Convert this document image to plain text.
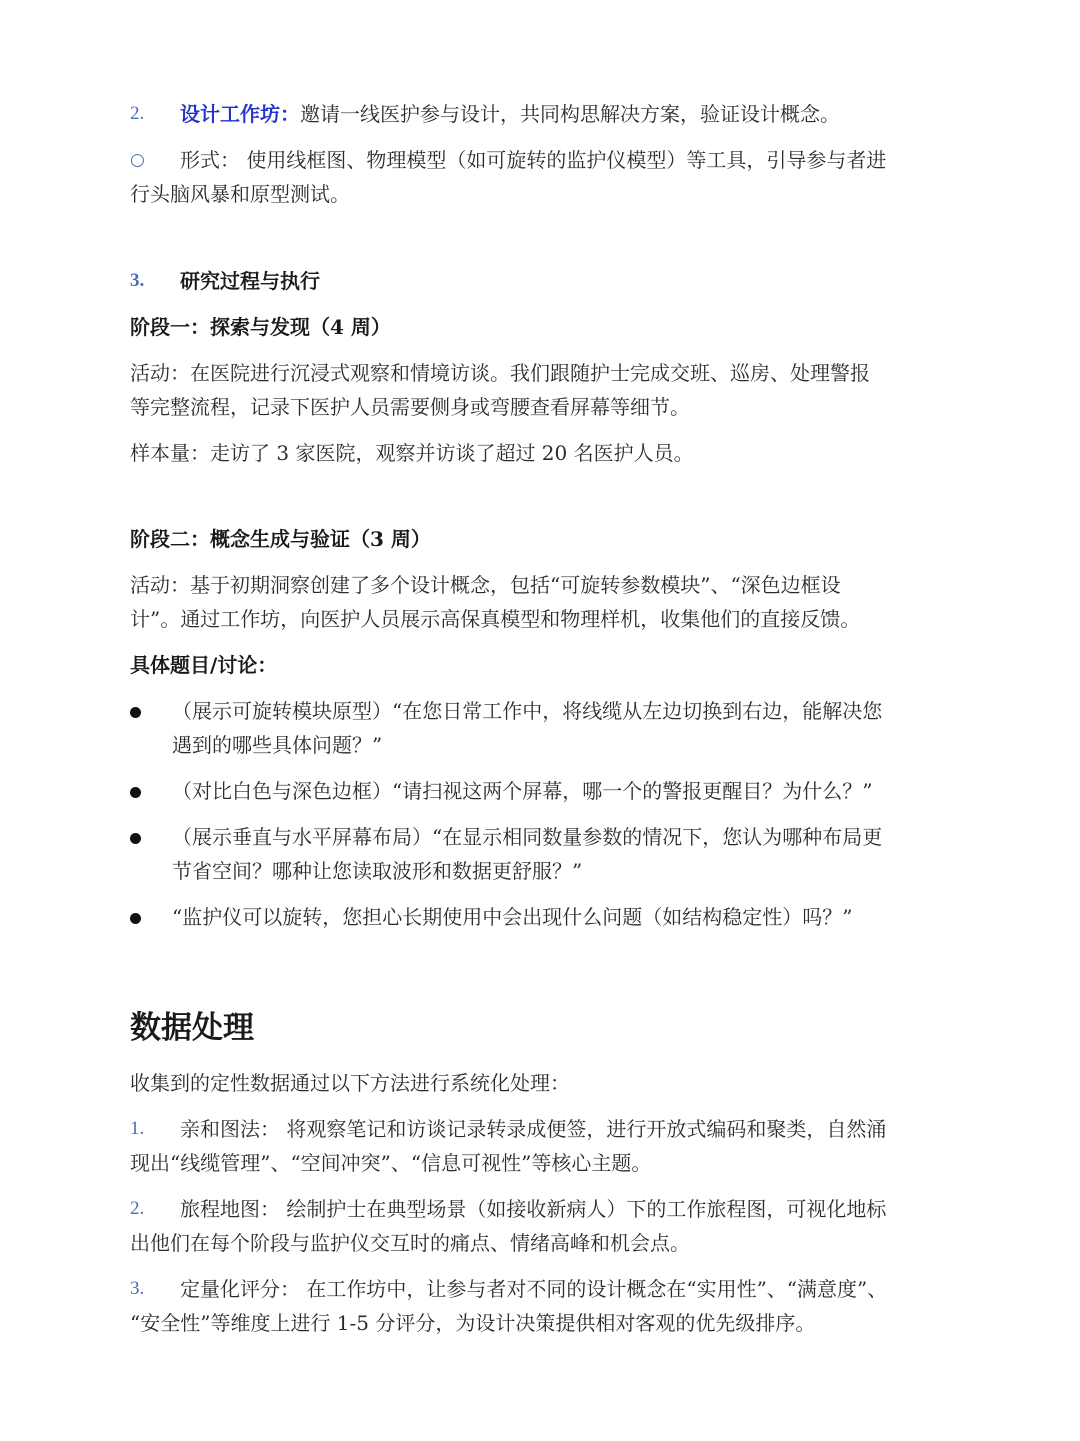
2. 设计工作坊：邀请一线医护参与设计，共同构思解决方案，验证设计概念。
○ 形式： 使用线框图、物理模型（如可旋转的监护仪模型）等工具，引导参与者进
行头脑风暴和原型测试。
3. 研究过程与执行
阶段一：探索与发现（4 周）
活动：在医院进行沉浸式观察和情境访谈。我们跟随护士完成交班、巡房、处理警报
等完整流程，记录下医护人员需要侧身或弯腰查看屏幕等细节。
样本量：走访了 3 家医院，观察并访谈了超过 20 名医护人员。
阶段二：概念生成与验证（3 周）
活动：基于初期洞察创建了多个设计概念，包括“可旋转参数模块”、“深色边框设
计”。通过工作坊，向医护人员展示高保真模型和物理样机，收集他们的直接反馈。
具体题目/讨论：
（展示可旋转模块原型）“在您日常工作中，将线缆从左边切换到右边，能解决您
遇到的哪些具体问题？”
（对比白色与深色边框）“请扫视这两个屏幕，哪一个的警报更醒目？为什么？”
（展示垂直与水平屏幕布局）“在显示相同数量参数的情况下，您认为哪种布局更
节省空间？哪种让您读取波形和数据更舒服？”
“监护仪可以旋转，您担心长期使用中会出现什么问题（如结构稳定性）吗？”
数据处理
收集到的定性数据通过以下方法进行系统化处理：
1. 亲和图法： 将观察笔记和访谈记录转录成便签，进行开放式编码和聚类，自然涌
现出“线缆管理”、“空间冲突”、“信息可视性”等核心主题。
2. 旅程地图： 绘制护士在典型场景（如接收新病人）下的工作旅程图，可视化地标
出他们在每个阶段与监护仪交互时的痛点、情绪高峰和机会点。
3. 定量化评分： 在工作坊中，让参与者对不同的设计概念在“实用性”、“满意度”、
“安全性”等维度上进行 1-5 分评分，为设计决策提供相对客观的优先级排序。
